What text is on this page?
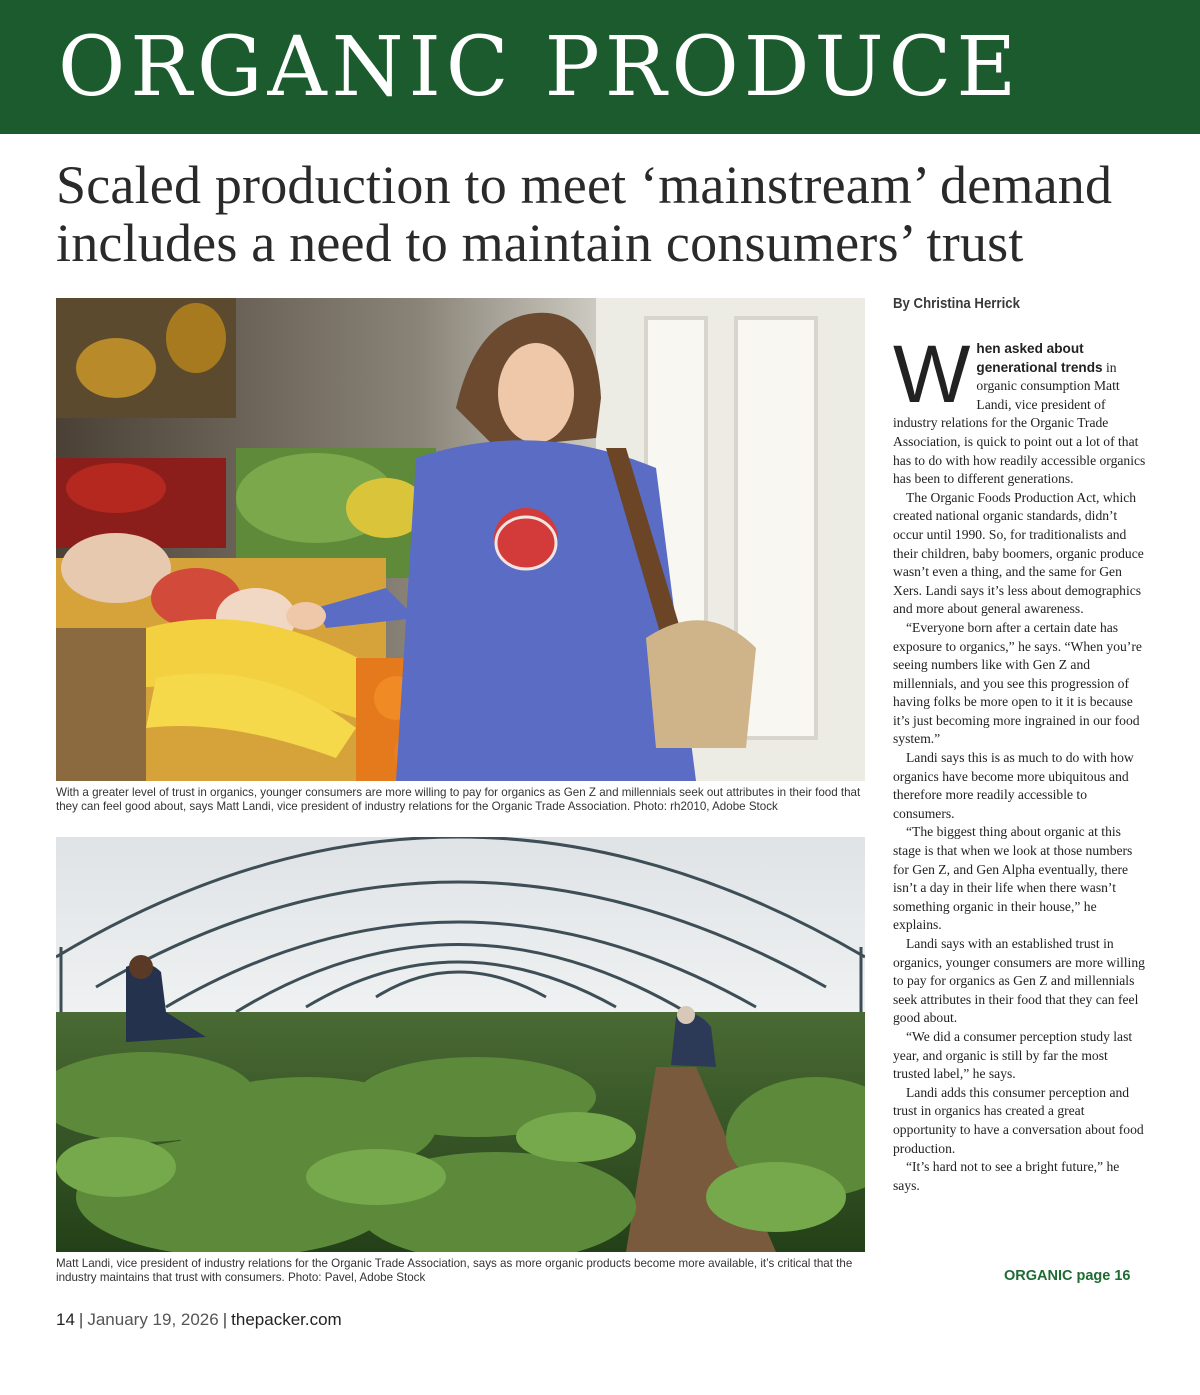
ORGANIC PRODUCE
Scaled production to meet ‘mainstream’ demand includes a need to maintain consumers’ trust

With a greater level of trust in organics, younger consumers are more willing to pay for organics as Gen Z and millennials seek out attributes in their food that they can feel good about, says Matt Landi, vice president of industry relations for the Organic Trade Association. Photo: rh2010, Adobe Stock

Matt Landi, vice president of industry relations for the Organic Trade Association, says as more organic products become more available, it’s critical that the industry maintains that trust with consumers. Photo: Pavel, Adobe Stock

By Christina Herrick

When asked about generational trends in organic consumption Matt Landi, vice president of industry relations for the Organic Trade Association, is quick to point out a lot of that has to do with how readily accessible organics has been to different generations.

The Organic Foods Production Act, which created national organic standards, didn’t occur until 1990. So, for traditionalists and their children, baby boomers, organic produce wasn’t even a thing, and the same for Gen Xers. Landi says it’s less about demographics and more about general awareness.

“Everyone born after a certain date has exposure to organics,” he says. “When you’re seeing numbers like with Gen Z and millennials, and you see this progression of having folks be more open to it it is because it’s just becoming more ingrained in our food system.”

Landi says this is as much to do with how organics have become more ubiquitous and therefore more readily accessible to consumers.

“The biggest thing about organic at this stage is that when we look at those numbers for Gen Z, and Gen Alpha eventually, there isn’t a day in their life when there wasn’t something organic in their house,” he explains.

Landi says with an established trust in organics, younger consumers are more willing to pay for organics as Gen Z and millennials seek attributes in their food that they can feel good about.

“We did a consumer perception study last year, and organic is still by far the most trusted label,” he says.

Landi adds this consumer perception and trust in organics has created a great opportunity to have a conversation about food production.

“It’s hard not to see a bright future,” he says.

ORGANIC page 16

14 | January 19, 2026 | thepacker.com
